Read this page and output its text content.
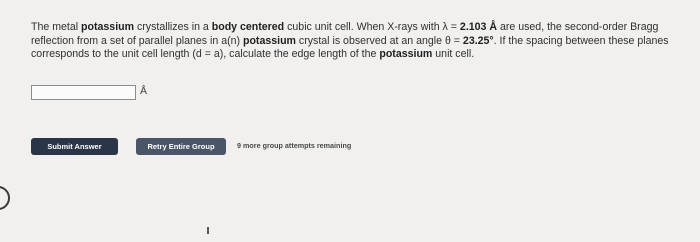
The metal potassium crystallizes in a body centered cubic unit cell. When X-rays with λ = 2.103 Å are used, the second-order Bragg reflection from a set of parallel planes in a(n) potassium crystal is observed at an angle θ = 23.25°. If the spacing between these planes corresponds to the unit cell length (d = a), calculate the edge length of the potassium unit cell.
Å
Submit Answer	Retry Entire Group	9 more group attempts remaining
